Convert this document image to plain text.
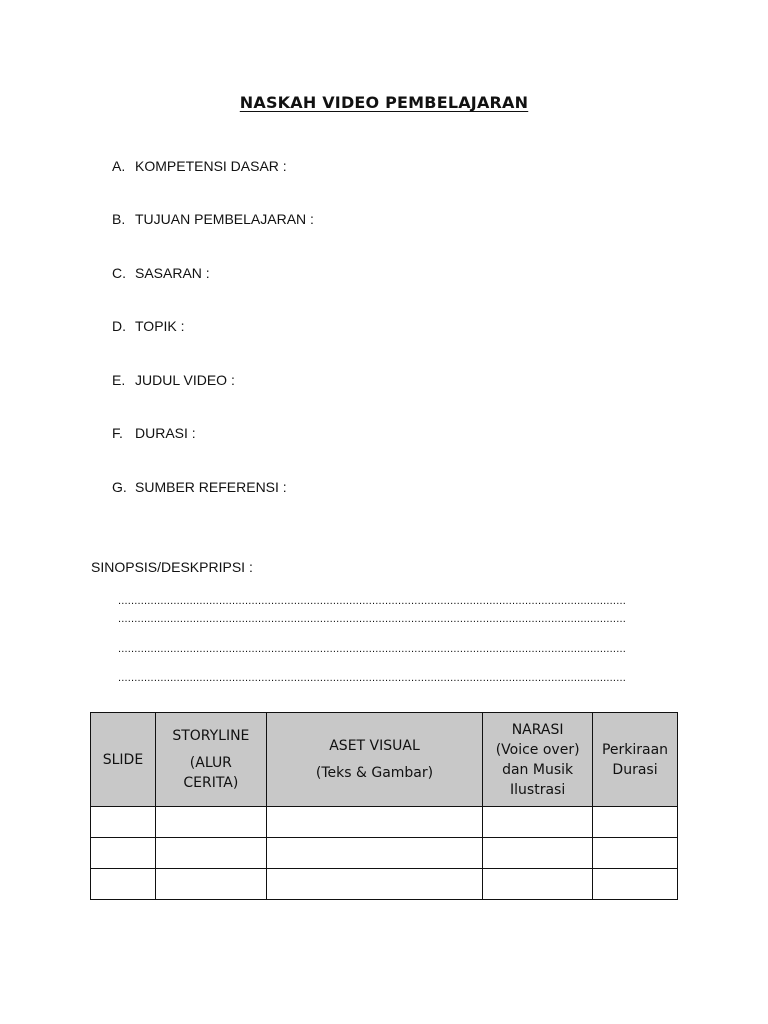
NASKAH VIDEO PEMBELAJARAN
A. KOMPETENSI DASAR :
B. TUJUAN PEMBELAJARAN :
C. SASARAN :
D. TOPIK :
E. JUDUL VIDEO :
F. DURASI :
G. SUMBER REFERENSI :
SINOPSIS/DESKPRIPSI :
............................................................................................................................................................
............................................................................................................................................................
............................................................................................................................................................
............................................................................................................................................................
SLIDE	STORYLINE
(ALUR
CERITA)	ASET VISUAL
(Teks & Gambar)	NARASI
(Voice over)
dan Musik
Ilustrasi	Perkiraan
Durasi
